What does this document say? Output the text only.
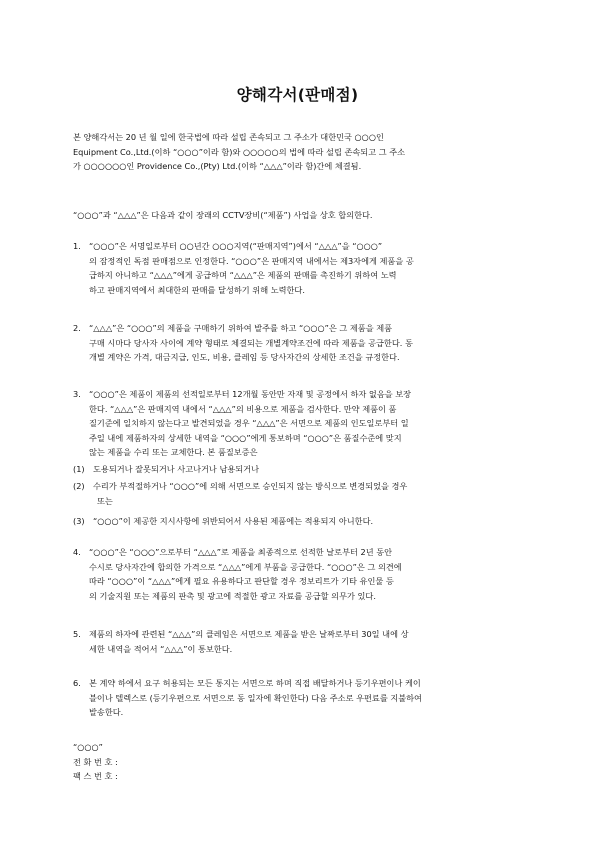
양해각서(판매점)
본 양해각서는 20 년 월 일에 한국법에 따라 설립 존속되고 그 주소가 대한민국 ○○○인
Equipment Co.,Ltd.(이하 “○○○”이라 함)와 ○○○○○의 법에 따라 설립 존속되고 그 주소
가 ○○○○○○인 Providence Co.,(Pty) Ltd.(이하 “△△△”이라 함)간에 체결됨.
“○○○”과 “△△△”은 다음과 같이 장래의 CCTV장비(“제품”) 사업을 상호 합의한다.
1. “○○○”은 서명일로부터 ○○년간 ○○○지역(“판매지역”)에서 “△△△”을 “○○○”
의 잠정적인 독점 판매점으로 인정한다. “○○○”은 판매지역 내에서는 제3자에게 제품을 공
급하지 아니하고 “△△△”에게 공급하며 “△△△”은 제품의 판매를 촉진하기 위하여 노력
하고 판매지역에서 최대한의 판매를 달성하기 위해 노력한다.
2. “△△△”은 “○○○”의 제품을 구매하기 위하여 발주를 하고 “○○○”은 그 제품을 제품
구매 시마다 당사자 사이에 계약 형태로 체결되는 개별계약조건에 따라 제품을 공급한다. 동
개별 계약은 가격, 대금지급, 인도, 비용, 클레임 등 당사자간의 상세한 조건을 규정한다.
3. “○○○”은 제품이 제품의 선적일로부터 12개월 동안만 자재 및 공정에서 하자 없음을 보장
한다. “△△△”은 판매지역 내에서 “△△△”의 비용으로 제품을 검사한다. 만약 제품이 품
질기준에 일치하지 않는다고 발견되었을 경우 “△△△”은 서면으로 제품의 인도일로부터 일
주일 내에 제품하자의 상세한 내역을 “○○○”에게 통보하며 “○○○”은 품질수준에 맞지
않는 제품을 수리 또는 교체한다. 본 품질보증은
(1)	도용되거나 잘못되거나 사고나거나 남용되거나
(2)	수리가 부적절하거나 “○○○”에 의해 서면으로 승인되지 않는 방식으로 변경되었을 경우
또는
(3)	“○○○”이 제공한 지시사항에 위반되어서 사용된 제품에는 적용되지 아니한다.
4. “○○○”은 “○○○”으로부터 “△△△”로 제품을 최종적으로 선적한 날로부터 2년 동안
수시로 당사자간에 합의한 가격으로 “△△△”에게 부품을 공급한다. “○○○”은 그 의견에
따라 “○○○”이 “△△△”에게 필요 유용하다고 판단할 경우 정보리트가 기타 유인물 등
의 기술지원 또는 제품의 판촉 및 광고에 적절한 광고 자료를 공급할 의무가 있다.
5. 제품의 하자에 관련된 “△△△”의 클레임은 서면으로 제품을 받은 날짜로부터 30일 내에 상
세한 내역을 적어서 “△△△”이 통보한다.
6. 본 계약 하에서 요구 허용되는 모든 통지는 서면으로 하며 직접 배달하거나 등기우편이나 케이
블이나 텔렉스로 (등기우편으로 서면으로 동 일자에 확인한다) 다음 주소로 우편료를 지불하여
발송한다.
“○○○”
전 화 번 호 :
팩 스 번 호 :
